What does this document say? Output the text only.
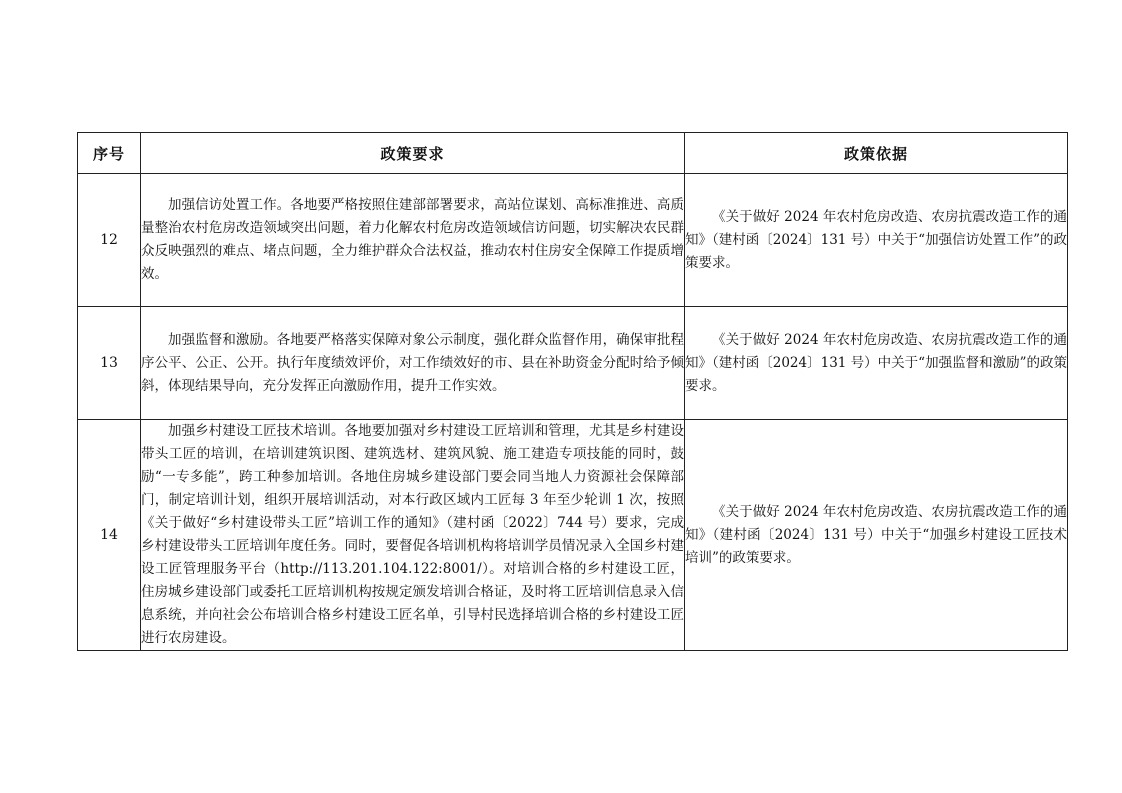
序号	政策要求	政策依据
12	加强信访处置工作。各地要严格按照住建部部署要求，高站位谋划、高标准推进、高质量整治农村危房改造领域突出问题，着力化解农村危房改造领域信访问题，切实解决农民群众反映强烈的难点、堵点问题，全力维护群众合法权益，推动农村住房安全保障工作提质增效。	《关于做好 2024 年农村危房改造、农房抗震改造工作的通知》（建村函〔2024〕131 号）中关于“加强信访处置工作”的政策要求。

13	加强监督和激励。各地要严格落实保障对象公示制度，强化群众监督作用，确保审批程序公平、公正、公开。执行年度绩效评价，对工作绩效好的市、县在补助资金分配时给予倾斜，体现结果导向，充分发挥正向激励作用，提升工作实效。	《关于做好 2024 年农村危房改造、农房抗震改造工作的通知》（建村函〔2024〕131 号）中关于“加强监督和激励”的政策要求。

14	加强乡村建设工匠技术培训。各地要加强对乡村建设工匠培训和管理，尤其是乡村建设带头工匠的培训，在培训建筑识图、建筑选材、建筑风貌、施工建造专项技能的同时，鼓励“一专多能”，跨工种参加培训。各地住房城乡建设部门要会同当地人力资源社会保障部门，制定培训计划，组织开展培训活动，对本行政区域内工匠每 3 年至少轮训 1 次，按照《关于做好“乡村建设带头工匠”培训工作的通知》（建村函〔2022〕744 号）要求，完成乡村建设带头工匠培训年度任务。同时，要督促各培训机构将培训学员情况录入全国乡村建设工匠管理服务平台（http://113.201.104.122:8001/）。对培训合格的乡村建设工匠，住房城乡建设部门或委托工匠培训机构按规定颁发培训合格证，及时将工匠培训信息录入信息系统，并向社会公布培训合格乡村建设工匠名单，引导村民选择培训合格的乡村建设工匠进行农房建设。	《关于做好 2024 年农村危房改造、农房抗震改造工作的通知》（建村函〔2024〕131 号）中关于“加强乡村建设工匠技术培训”的政策要求。
